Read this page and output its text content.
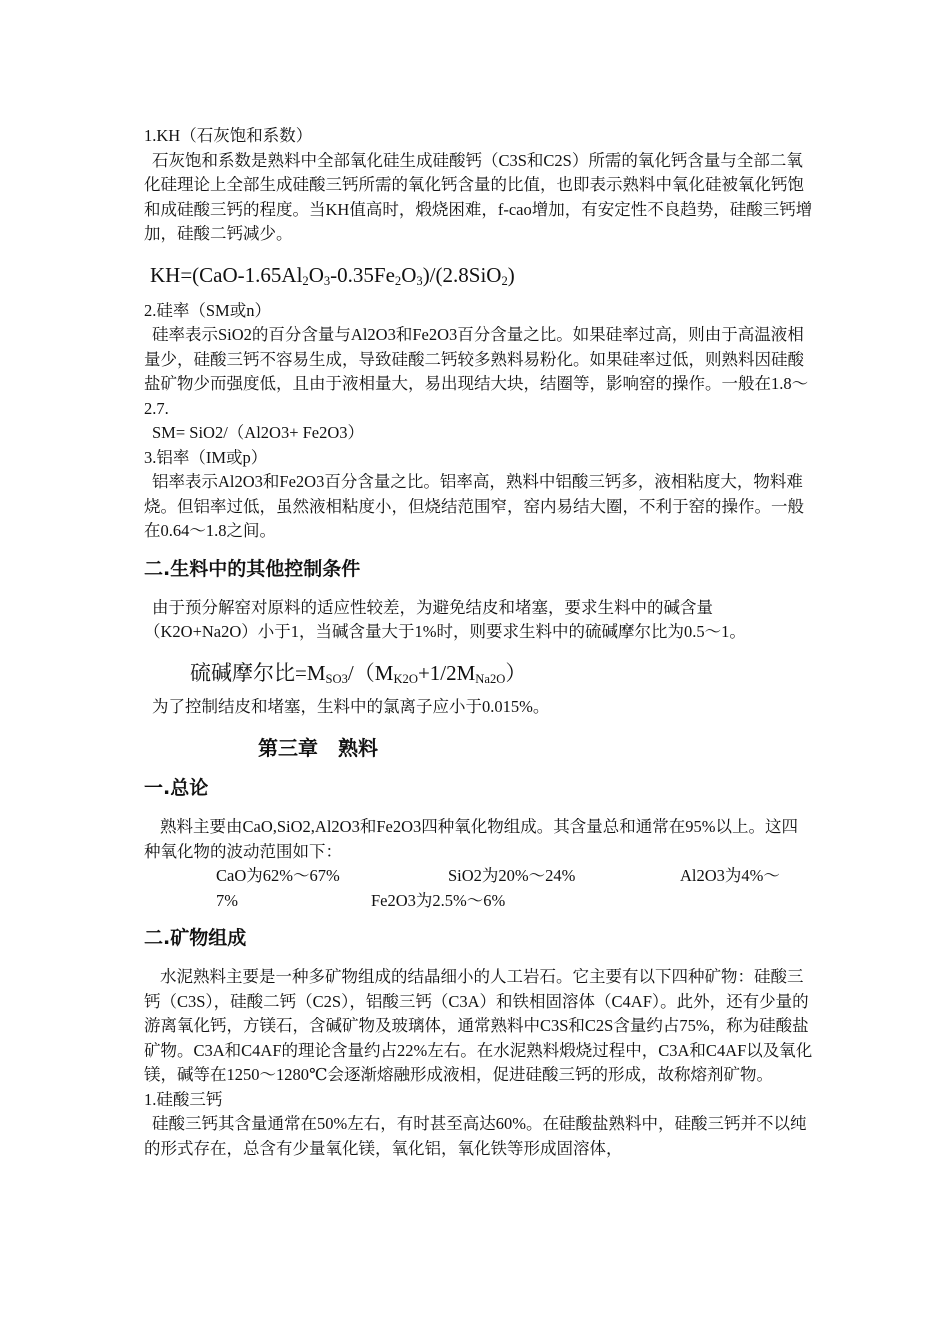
1.KH（石灰饱和系数）

石灰饱和系数是熟料中全部氧化硅生成硅酸钙（C3S和C2S）所需的氧化钙含量与全部二氧化硅理论上全部生成硅酸三钙所需的氧化钙含量的比值，也即表示熟料中氧化硅被氧化钙饱和成硅酸三钙的程度。当KH值高时，煅烧困难，f-cao增加，有安定性不良趋势，硅酸三钙增加，硅酸二钙减少。

$KH=(CaO-1.65Al_2O_3-0.35Fe_2O_3)/(2.8SiO_2)$

2.硅率（SM或n）

硅率表示SiO2的百分含量与Al2O3和Fe2O3百分含量之比。如果硅率过高，则由于高温液相量少，硅酸三钙不容易生成，导致硅酸二钙较多熟料易粉化。如果硅率过低，则熟料因硅酸盐矿物少而强度低，且由于液相量大，易出现结大块，结圈等，影响窑的操作。一般在1.8～2.7.

SM= SiO2/（Al2O3+ Fe2O3）

3.铝率（IM或p）

铝率表示Al2O3和Fe2O3百分含量之比。铝率高，熟料中铝酸三钙多，液相粘度大，物料难烧。但铝率过低，虽然液相粘度小，但烧结范围窄，窑内易结大圈，不利于窑的操作。一般在0.64～1.8之间。

二.生料中的其他控制条件

由于预分解窑对原料的适应性较差，为避免结皮和堵塞，要求生料中的碱含量（K2O+Na2O）小于1，当碱含量大于1%时，则要求生料中的硫碱摩尔比为0.5～1。

硫碱摩尔比$=M_{SO3}/(M_{K2O}+1/2M_{Na2O})$

为了控制结皮和堵塞，生料中的氯离子应小于0.015%。

第三章　熟料
一.总论

熟料主要由CaO,SiO2,Al2O3和Fe2O3四种氧化物组成。其含量总和通常在95%以上。这四种氧化物的波动范围如下：

CaO为62%～67%	SiO2为20%～24%	Al2O3为4%～
7%	Fe2O3为2.5%～6%

二.矿物组成

水泥熟料主要是一种多矿物组成的结晶细小的人工岩石。它主要有以下四种矿物：硅酸三钙（C3S），硅酸二钙（C2S），铝酸三钙（C3A）和铁相固溶体（C4AF）。此外，还有少量的游离氧化钙，方镁石，含碱矿物及玻璃体，通常熟料中C3S和C2S含量约占75%，称为硅酸盐矿物。C3A和C4AF的理论含量约占22%左右。在水泥熟料煅烧过程中，C3A和C4AF以及氧化镁，碱等在1250～1280℃会逐渐熔融形成液相，促进硅酸三钙的形成，故称熔剂矿物。

1.硅酸三钙

硅酸三钙其含量通常在50%左右，有时甚至高达60%。在硅酸盐熟料中，硅酸三钙并不以纯的形式存在，总含有少量氧化镁，氧化铝，氧化铁等形成固溶体，
